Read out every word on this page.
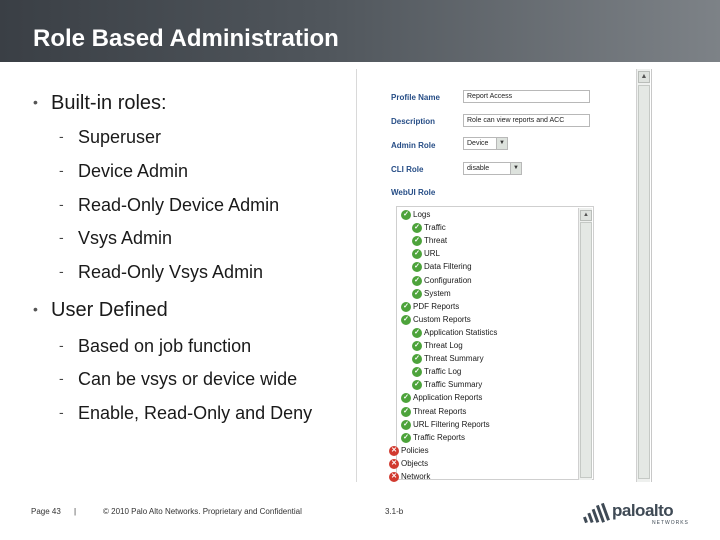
Role Based Administration
• Built-in roles:
- Superuser
- Device Admin
- Read-Only Device Admin
- Vsys Admin
- Read-Only Vsys Admin
• User Defined
- Based on job function
- Can be vsys or device wide
- Enable, Read-Only and Deny
▲
Profile Name	Report Access
Description	Role can view reports and ACC
Admin Role	Device	▼
CLI Role	disable	▼
WebUI Role
▲
✓ Logs
✓ Traffic
✓ Threat
✓ URL
✓ Data Filtering
✓ Configuration
✓ System
✓ PDF Reports
✓ Custom Reports
✓ Application Statistics
✓ Threat Log
✓ Threat Summary
✓ Traffic Log
✓ Traffic Summary
✓ Application Reports
✓ Threat Reports
✓ URL Filtering Reports
✓ Traffic Reports
✕ Policies
✕ Objects
✕ Network
Page 43 |	© 2010 Palo Alto Networks. Proprietary and Confidential	3.1-b	paloalto
NETWORKS
